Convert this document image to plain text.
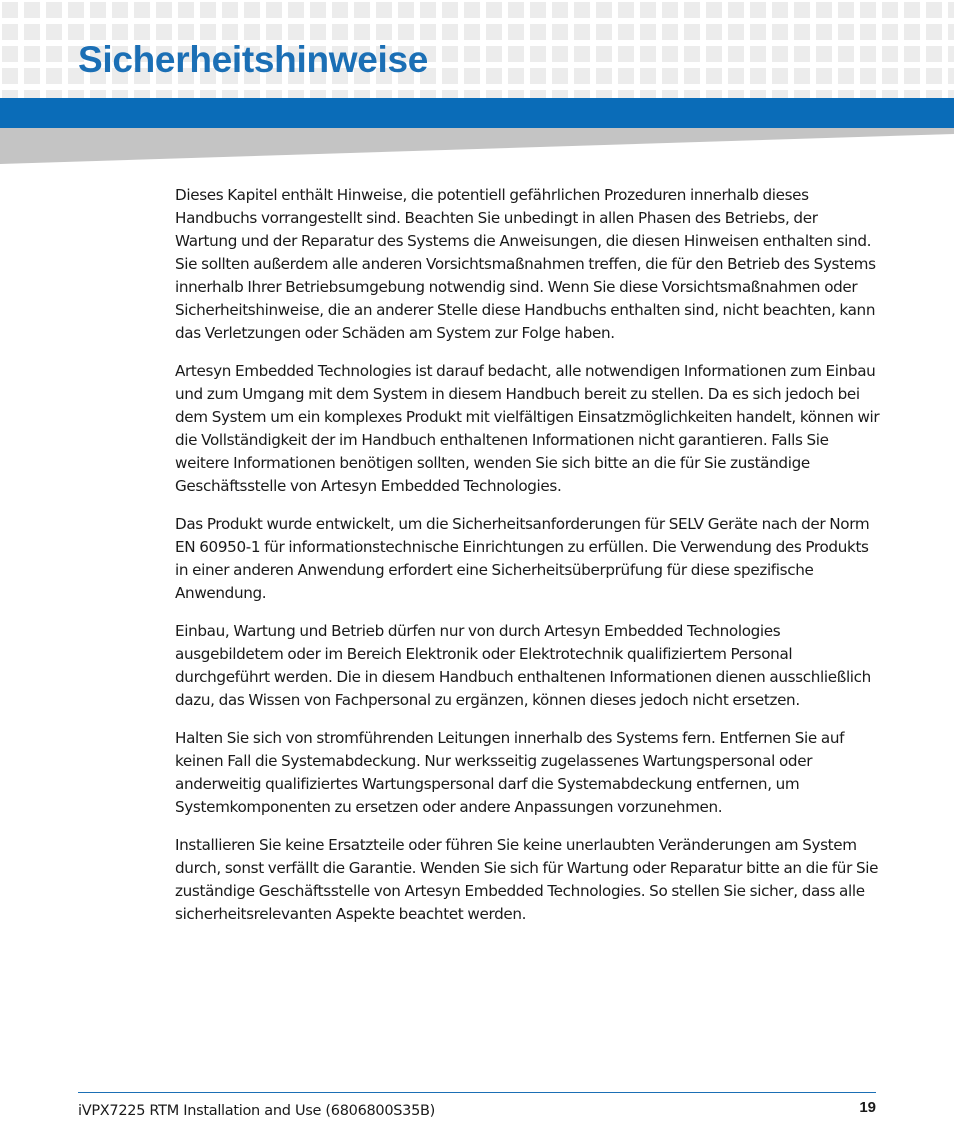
Sicherheitshinweise

Dieses Kapitel enthält Hinweise, die potentiell gefährlichen Prozeduren innerhalb dieses Handbuchs vorrangestellt sind. Beachten Sie unbedingt in allen Phasen des Betriebs, der Wartung und der Reparatur des Systems die Anweisungen, die diesen Hinweisen enthalten sind. Sie sollten außerdem alle anderen Vorsichtsmaßnahmen treffen, die für den Betrieb des Systems innerhalb Ihrer Betriebsumgebung notwendig sind. Wenn Sie diese Vorsichtsmaßnahmen oder Sicherheitshinweise, die an anderer Stelle diese Handbuchs enthalten sind, nicht beachten, kann das Verletzungen oder Schäden am System zur Folge haben.

Artesyn Embedded Technologies ist darauf bedacht, alle notwendigen Informationen zum Einbau und zum Umgang mit dem System in diesem Handbuch bereit zu stellen. Da es sich jedoch bei dem System um ein komplexes Produkt mit vielfältigen Einsatzmöglichkeiten handelt, können wir die Vollständigkeit der im Handbuch enthaltenen Informationen nicht garantieren. Falls Sie weitere Informationen benötigen sollten, wenden Sie sich bitte an die für Sie zuständige Geschäftsstelle von Artesyn Embedded Technologies.

Das Produkt wurde entwickelt, um die Sicherheitsanforderungen für SELV Geräte nach der Norm EN 60950-1 für informationstechnische Einrichtungen zu erfüllen. Die Verwendung des Produkts in einer anderen Anwendung erfordert eine Sicherheitsüberprüfung für diese spezifische Anwendung.

Einbau, Wartung und Betrieb dürfen nur von durch Artesyn Embedded Technologies ausgebildetem oder im Bereich Elektronik oder Elektrotechnik qualifiziertem Personal durchgeführt werden. Die in diesem Handbuch enthaltenen Informationen dienen ausschließlich dazu, das Wissen von Fachpersonal zu ergänzen, können dieses jedoch nicht ersetzen.

Halten Sie sich von stromführenden Leitungen innerhalb des Systems fern. Entfernen Sie auf keinen Fall die Systemabdeckung. Nur werksseitig zugelassenes Wartungspersonal oder anderweitig qualifiziertes Wartungspersonal darf die Systemabdeckung entfernen, um Systemkomponenten zu ersetzen oder andere Anpassungen vorzunehmen.

Installieren Sie keine Ersatzteile oder führen Sie keine unerlaubten Veränderungen am System durch, sonst verfällt die Garantie. Wenden Sie sich für Wartung oder Reparatur bitte an die für Sie zuständige Geschäftsstelle von Artesyn Embedded Technologies. So stellen Sie sicher, dass alle sicherheitsrelevanten Aspekte beachtet werden.

iVPX7225 RTM Installation and Use (6806800S35B)	19
